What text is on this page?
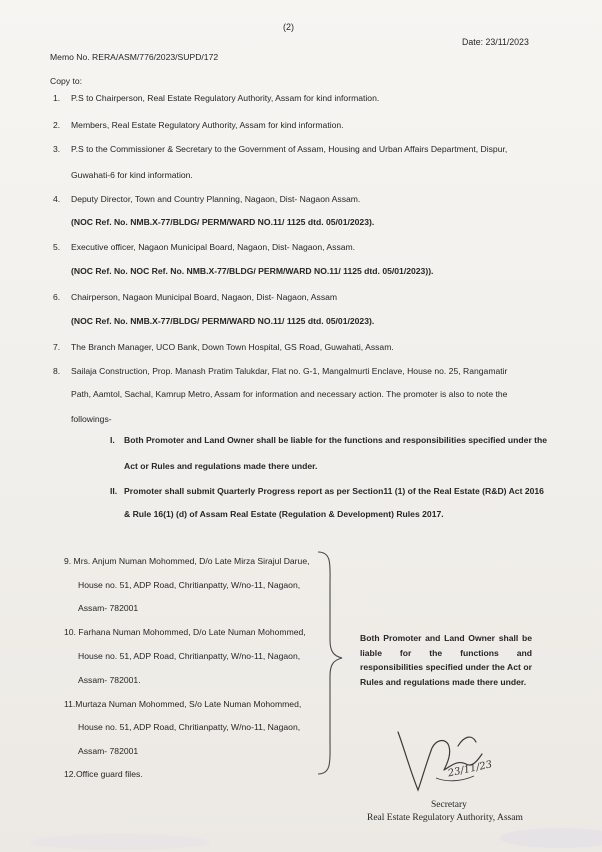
(2)
Date: 23/11/2023
Memo No. RERA/ASM/776/2023/SUPD/172
Copy to:
1. P.S to Chairperson, Real Estate Regulatory Authority, Assam for kind information.
2. Members, Real Estate Regulatory Authority, Assam for kind information.
3. P.S to the Commissioner & Secretary to the Government of Assam, Housing and Urban Affairs Department, Dispur,
Guwahati-6 for kind information.
4. Deputy Director, Town and Country Planning, Nagaon, Dist- Nagaon Assam.
(NOC Ref. No. NMB.X-77/BLDG/ PERM/WARD NO.11/ 1125 dtd. 05/01/2023).
5. Executive officer, Nagaon Municipal Board, Nagaon, Dist- Nagaon, Assam.
(NOC Ref. No. NOC Ref. No. NMB.X-77/BLDG/ PERM/WARD NO.11/ 1125 dtd. 05/01/2023)).
6. Chairperson, Nagaon Municipal Board, Nagaon, Dist- Nagaon, Assam
(NOC Ref. No. NMB.X-77/BLDG/ PERM/WARD NO.11/ 1125 dtd. 05/01/2023).
7. The Branch Manager, UCO Bank, Down Town Hospital, GS Road, Guwahati, Assam.
8. Sailaja Construction, Prop. Manash Pratim Talukdar, Flat no. G-1, Mangalmurti Enclave, House no. 25, Rangamatir
Path, Aamtol, Sachal, Kamrup Metro, Assam for information and necessary action. The promoter is also to note the
followings-
I. Both Promoter and Land Owner shall be liable for the functions and responsibilities specified under the
Act or Rules and regulations made there under.
II. Promoter shall submit Quarterly Progress report as per Section11 (1) of the Real Estate (R&D) Act 2016
& Rule 16(1) (d) of Assam Real Estate (Regulation & Development) Rules 2017.
9. Mrs. Anjum Numan Mohommed, D/o Late Mirza Sirajul Darue,
House no. 51, ADP Road, Chritianpatty, W/no-11, Nagaon,
Assam- 782001
10. Farhana Numan Mohommed, D/o Late Numan Mohommed,
House no. 51, ADP Road, Chritianpatty, W/no-11, Nagaon,
Assam- 782001.
11.Murtaza Numan Mohommed, S/o Late Numan Mohommed,
House no. 51, ADP Road, Chritianpatty, W/no-11, Nagaon,
Assam- 782001
12.Office guard files.
Both Promoter and Land Owner shall be liable for the functions and responsibilities specified under the Act or Rules and regulations made there under.
23/11/23
Secretary
Real Estate Regulatory Authority, Assam
